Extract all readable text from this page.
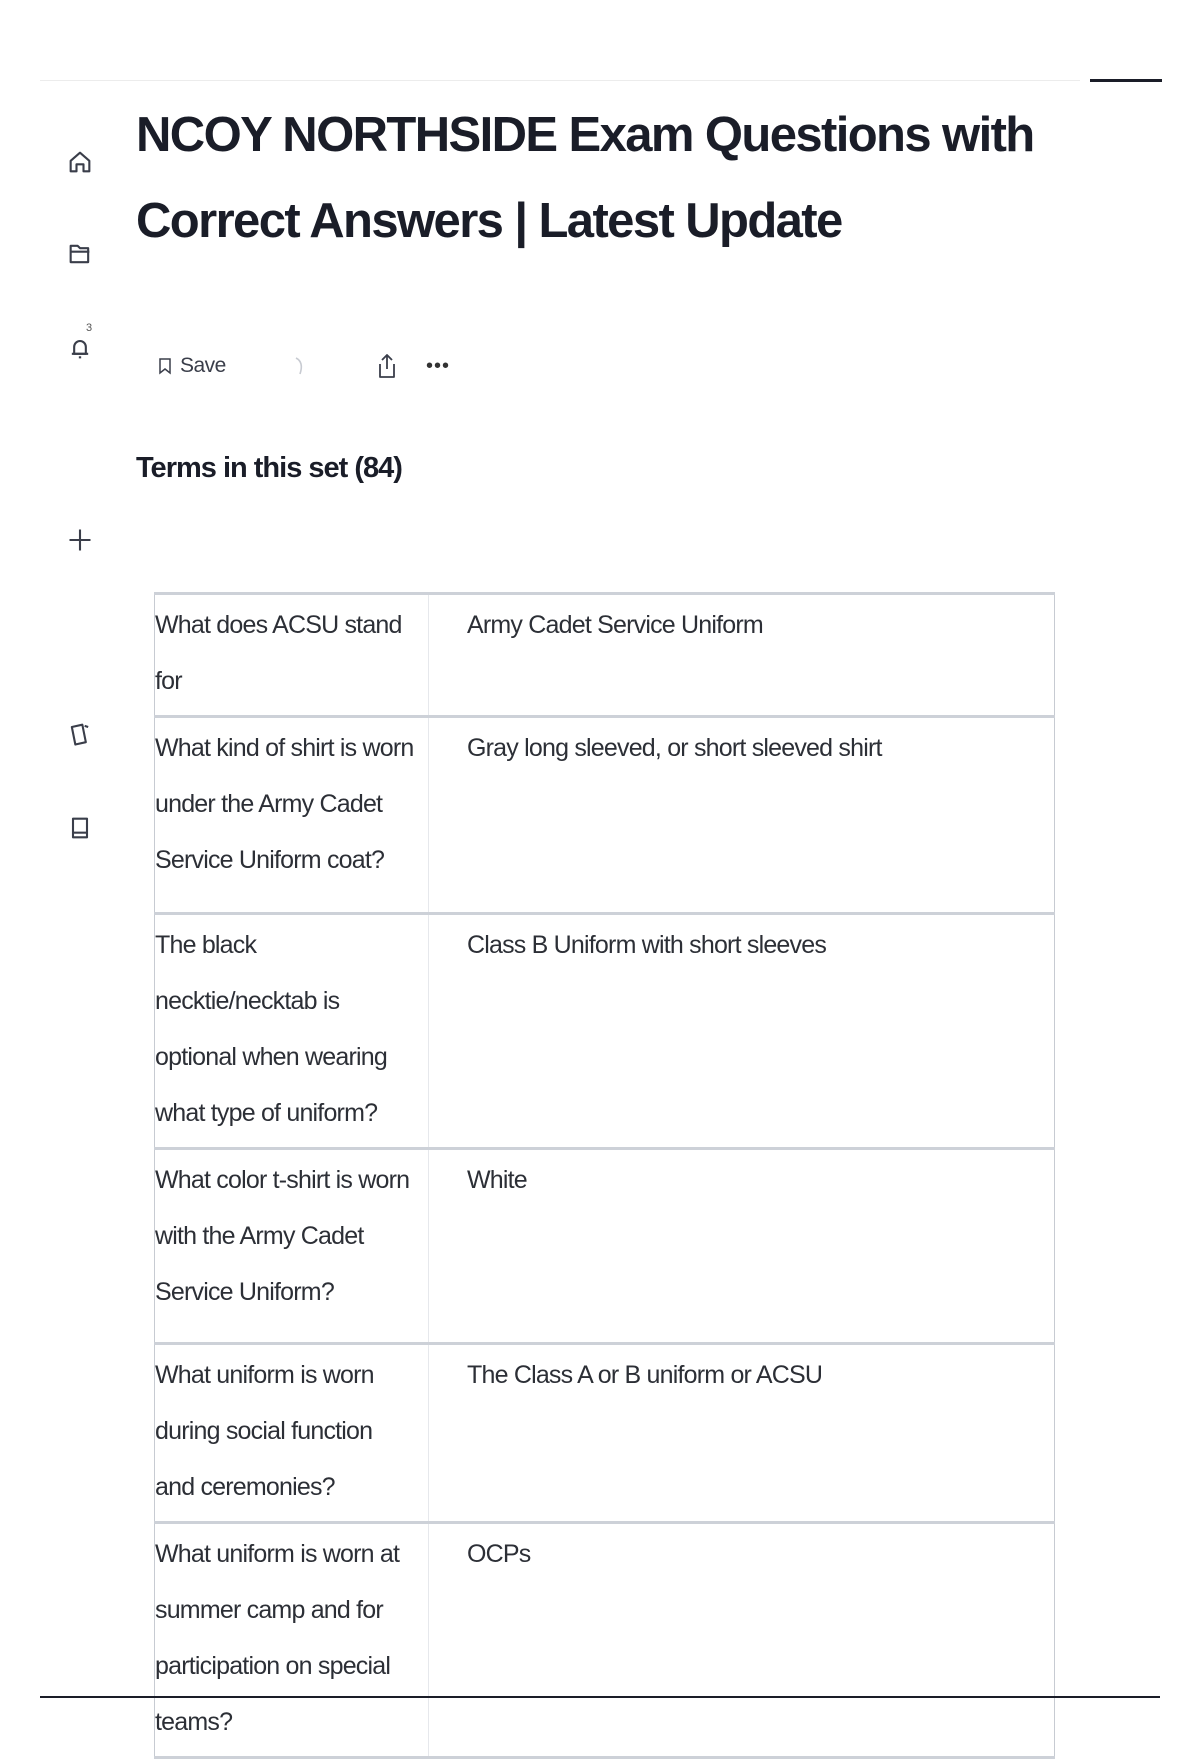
3
NCOY NORTHSIDE Exam Questions with Correct Answers | Latest Update
Save	•••
Terms in this set (84)
What does ACSU stand for	Army Cadet Service Uniform
What kind of shirt is worn under the Army Cadet Service Uniform coat?	Gray long sleeved, or short sleeved shirt
The black necktie/necktab is optional when wearing what type of uniform?	Class B Uniform with short sleeves
What color t-shirt is worn with the Army Cadet Service Uniform?	White
What uniform is worn during social function and ceremonies?	The Class A or B uniform or ACSU
What uniform is worn at summer camp and for participation on special teams?	OCPs
